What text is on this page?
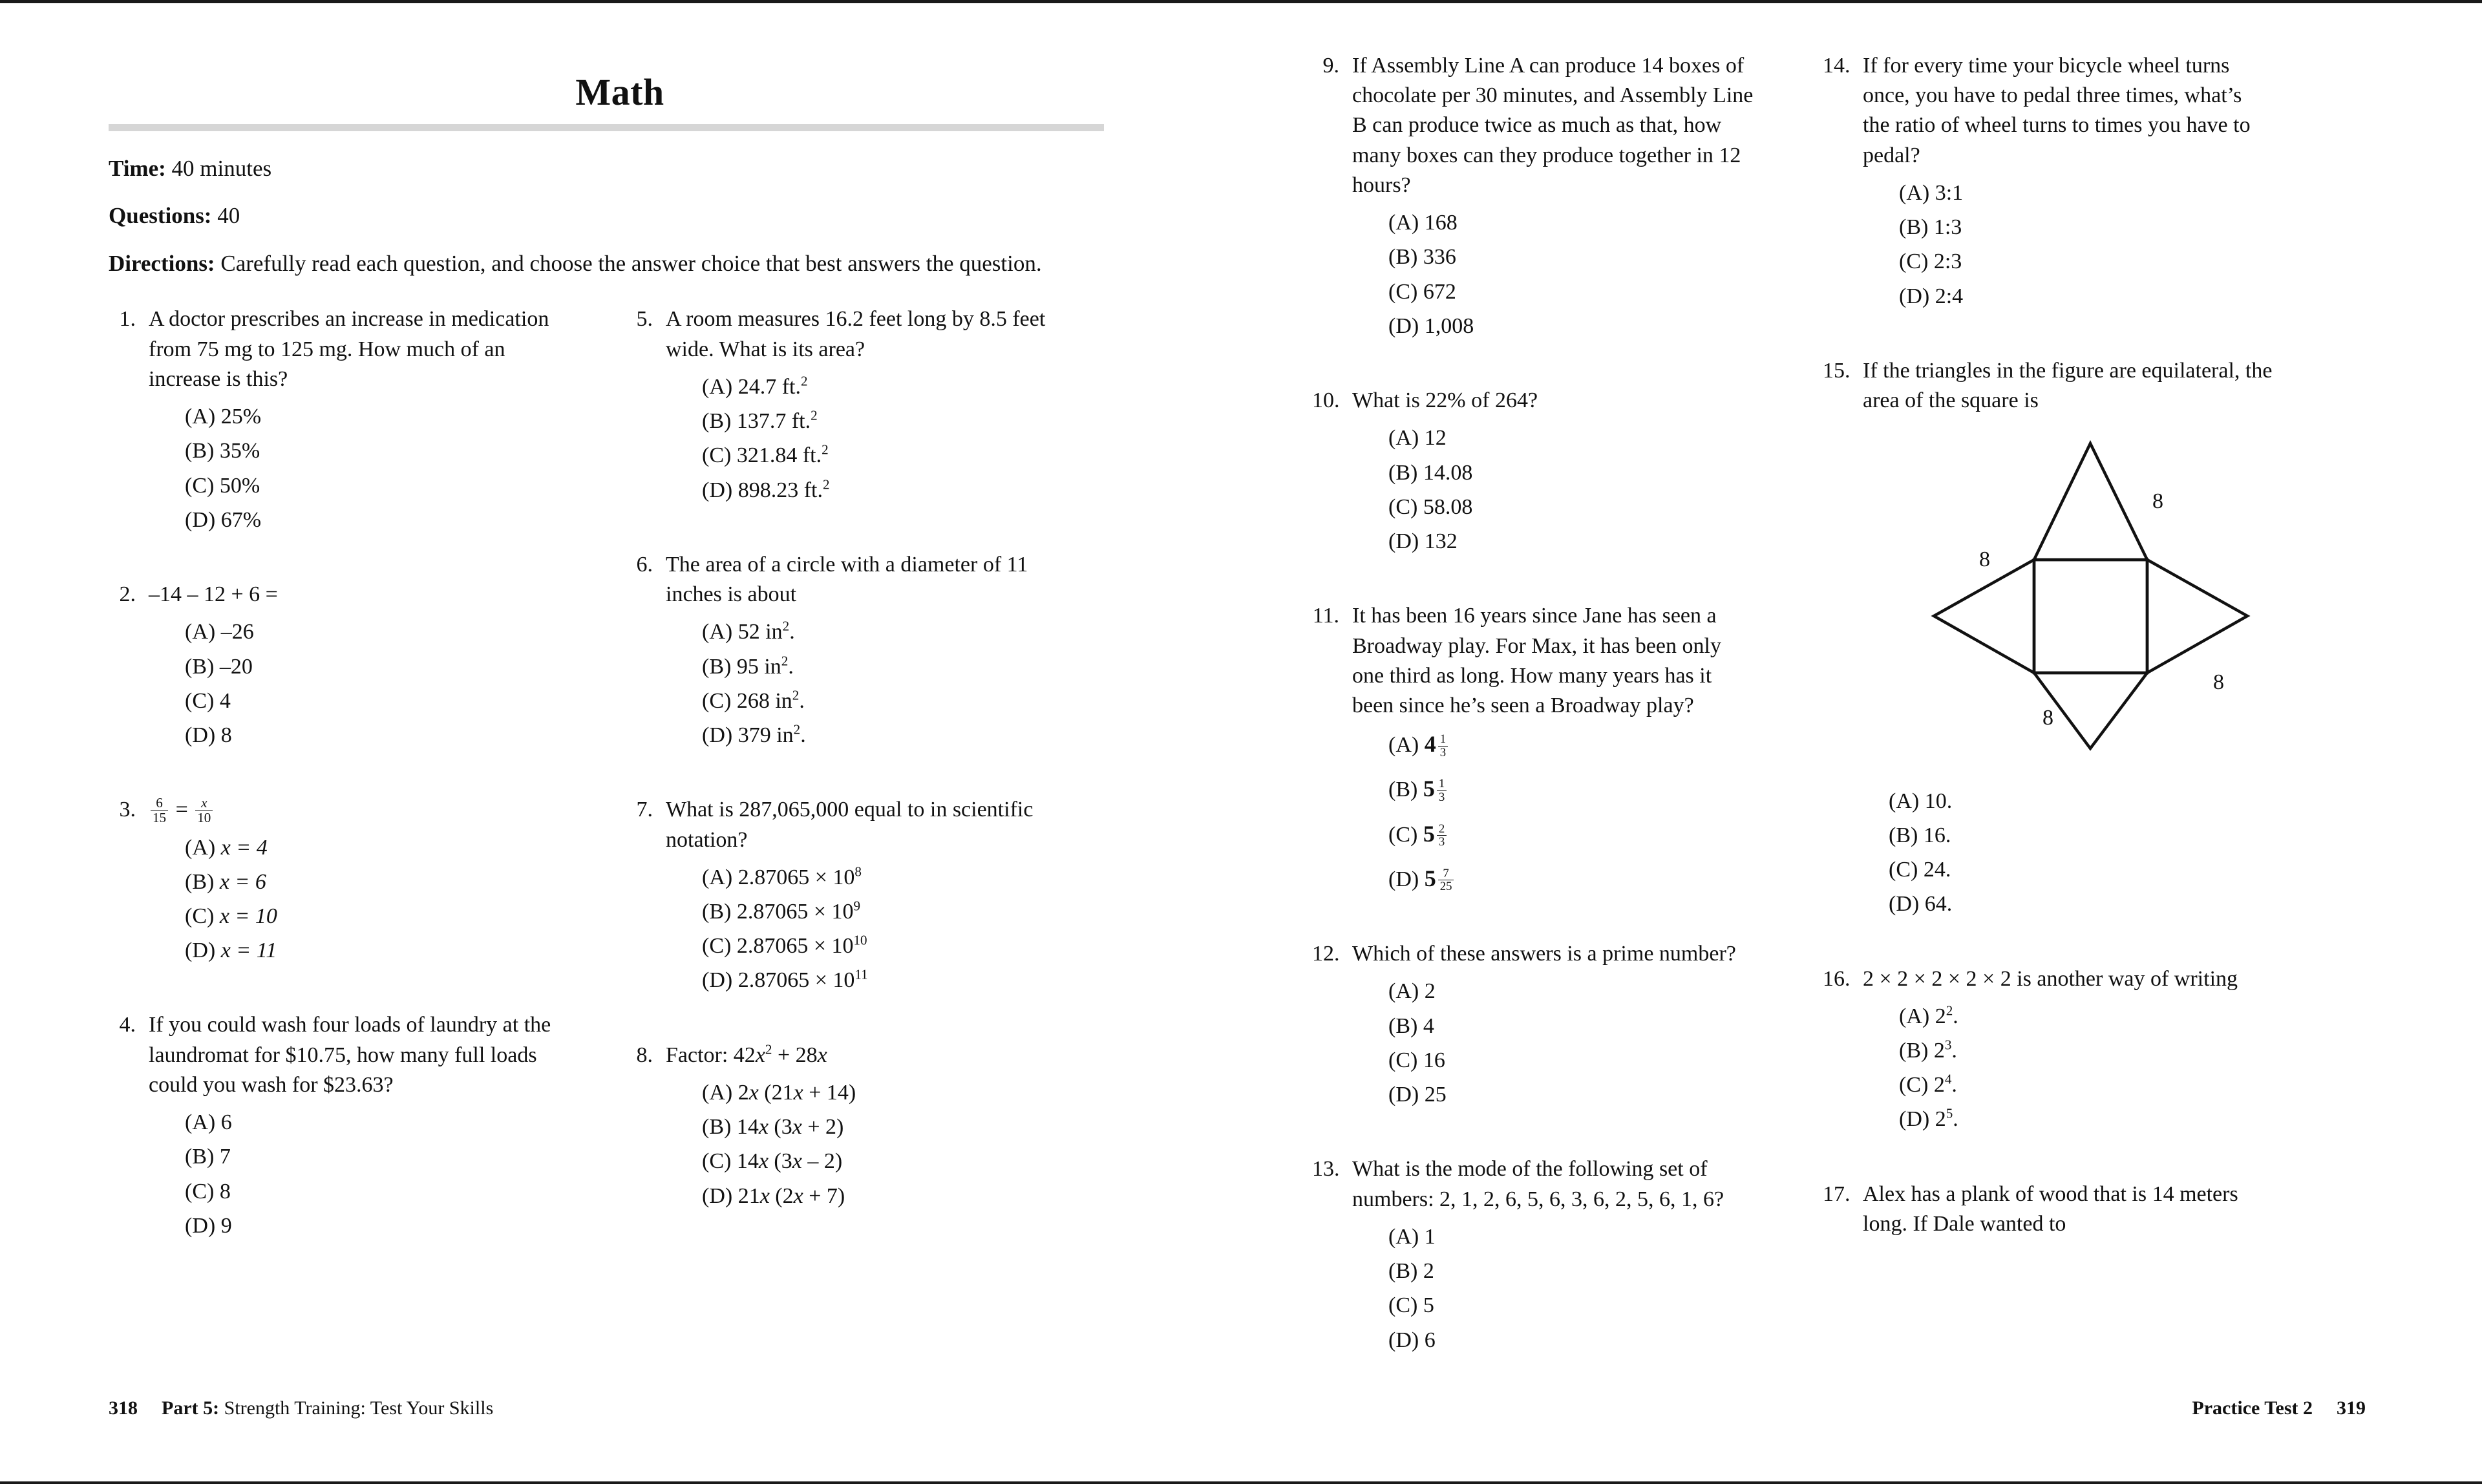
Math
Time: 40 minutes
Questions: 40
Directions: Carefully read each question, and choose the answer choice that best answers the question.
1. A doctor prescribes an increase in medication from 75 mg to 125 mg. How much of an increase is this?
(A) 25%
(B) 35%
(C) 50%
(D) 67%
2. –14 – 12 + 6 =
(A) –26
(B) –20
(C) 4
(D) 8
3.	$\frac{6}{15} = \frac{x}{10}$
(A) x = 4
(B) x = 6
(C) x = 10
(D) x = 11
4. If you could wash four loads of laundry at the laundromat for $10.75, how many full loads could you wash for $23.63?
(A) 6
(B) 7
(C) 8
(D) 9
5. A room measures 16.2 feet long by 8.5 feet wide. What is its area?
(A) 24.7 ft.$^2$
(B) 137.7 ft.$^2$
(C) 321.84 ft.$^2$
(D) 898.23 ft.$^2$
6. The area of a circle with a diameter of 11 inches is about
(A) 52 $in^2$.
(B) 95 $in^2$.
(C) 268 $in^2$.
(D) 379 $in^2$.
7. What is 287,065,000 equal to in scientific notation?
(A) $2.87065 \times 10^8$
(B) $2.87065 \times 10^9$
(C) $2.87065 \times 10^{10}$
(D) $2.87065 \times 10^{11}$
8. Factor: $42x^2 + 28x$
(A) 2x (21x + 14)
(B) 14x (3x + 2)
(C) 14x (3x – 2)
(D) 21x (2x + 7)
318 Part 5: Strength Training: Test Your Skills
9. If Assembly Line A can produce 14 boxes of chocolate per 30 minutes, and Assembly Line B can produce twice as much as that, how many boxes can they produce together in 12 hours?
(A) 168
(B) 336
(C) 672
(D) 1,008
10. What is 22% of 264?
(A) 12
(B) 14.08
(C) 58.08
(D) 132
11. It has been 16 years since Jane has seen a Broadway play. For Max, it has been only one third as long. How many years has it been since he’s seen a Broadway play?
(A) $4 \frac{1}{3}$
(B) $5 \frac{1}{3}$
(C) $5 \frac{2}{3}$
(D) $5 \frac{7}{25}$
12. Which of these answers is a prime number?
(A) 2
(B) 4
(C) 16
(D) 25
13. What is the mode of the following set of numbers: 2, 1, 2, 6, 5, 6, 3, 6, 2, 5, 6, 1, 6?
(A) 1
(B) 2
(C) 5
(D) 6
14. If for every time your bicycle wheel turns once, you have to pedal three times, what’s the ratio of wheel turns to times you have to pedal?
(A) 3:1
(B) 1:3
(C) 2:3
(D) 2:4
15. If the triangles in the figure are equilateral, the area of the square is
8
8
8
8
(A) 10.
(B) 16.
(C) 24.
(D) 64.
16. 2 × 2 × 2 × 2 × 2 is another way of writing
(A) $2^2$.
(B) $2^3$.
(C) $2^4$.
(D) $2^5$.
17. Alex has a plank of wood that is 14 meters long. If Dale wanted to
Practice Test 2 319
